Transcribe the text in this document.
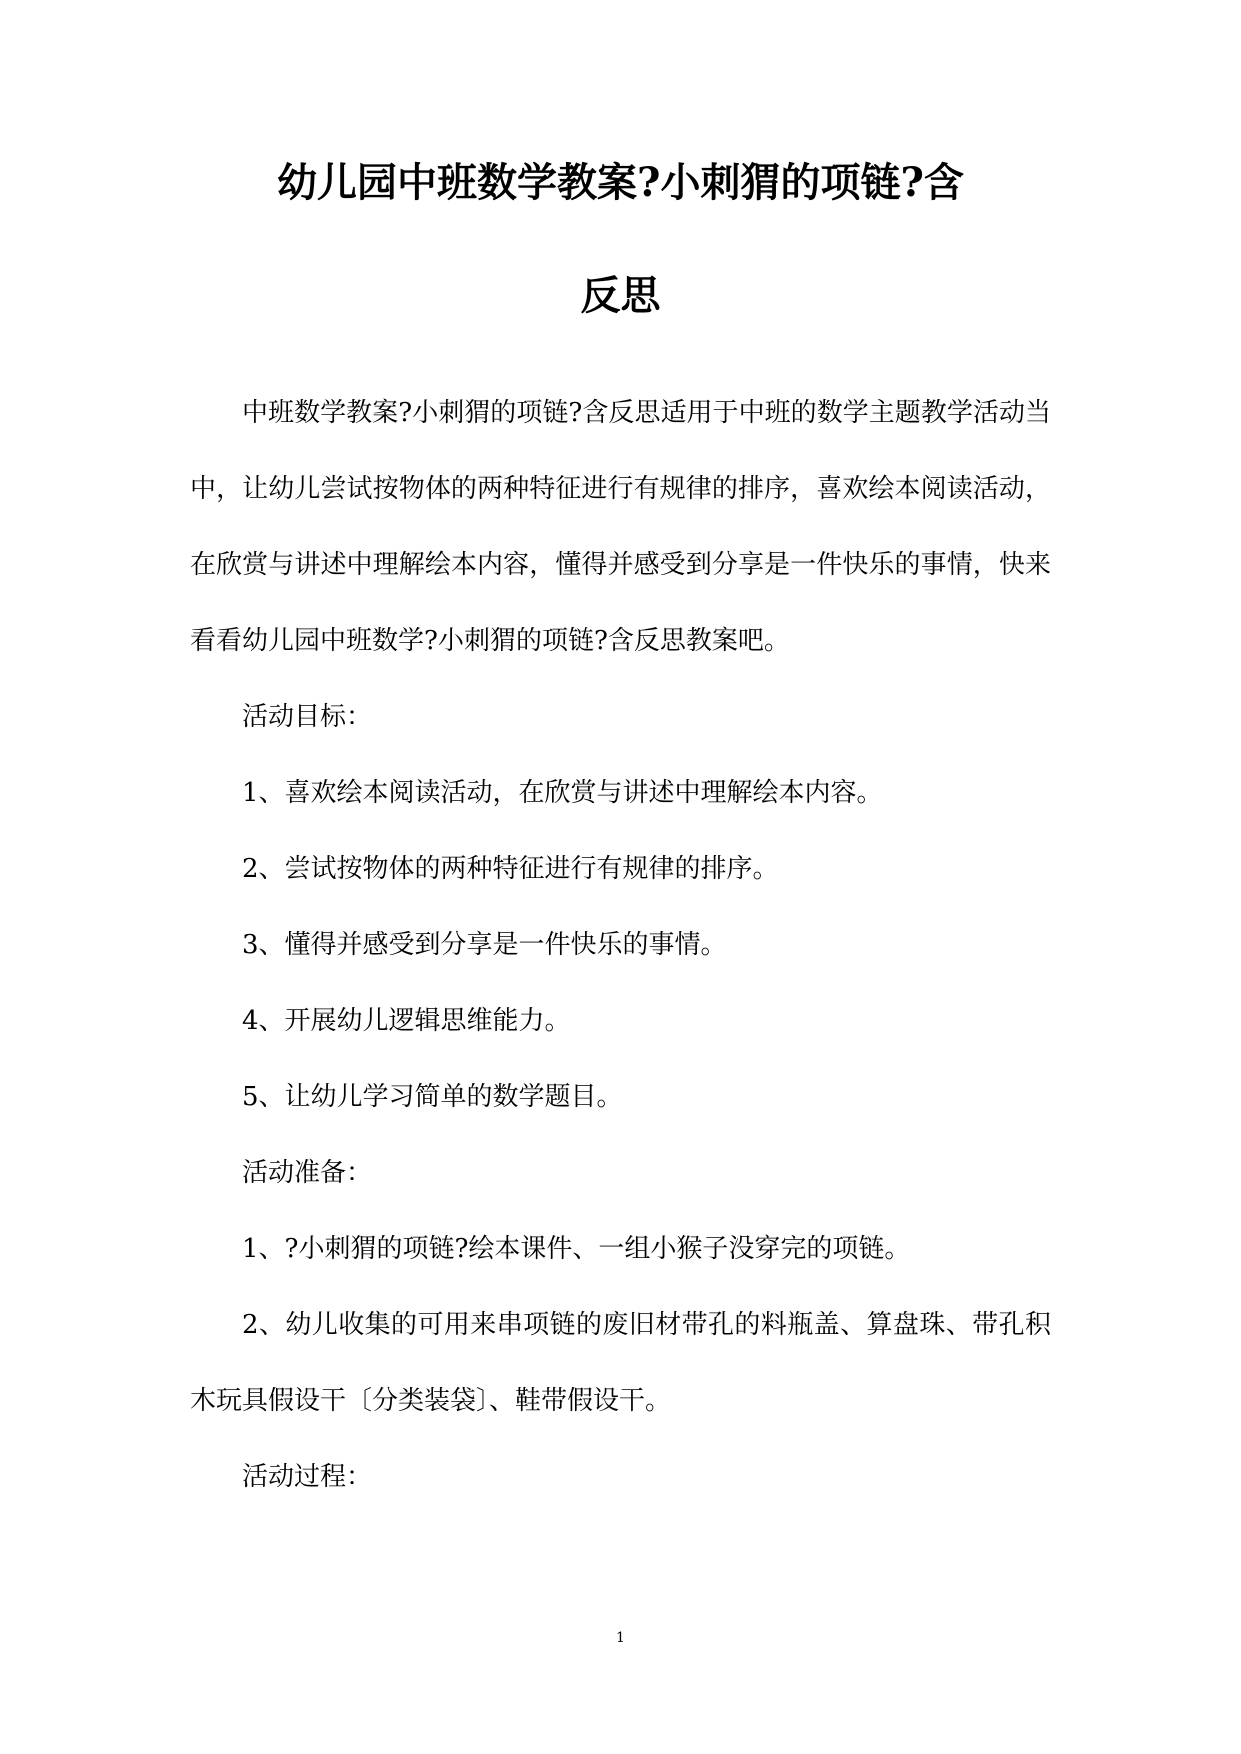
幼儿园中班数学教案?小刺猬的项链?含
反思

中班数学教案?小刺猬的项链?含反思适用于中班的数学主题教学活动当中，让幼儿尝试按物体的两种特征进行有规律的排序，喜欢绘本阅读活动，在欣赏与讲述中理解绘本内容，懂得并感受到分享是一件快乐的事情，快来看看幼儿园中班数学?小刺猬的项链?含反思教案吧。

活动目标：

1、喜欢绘本阅读活动，在欣赏与讲述中理解绘本内容。

2、尝试按物体的两种特征进行有规律的排序。

3、懂得并感受到分享是一件快乐的事情。

4、开展幼儿逻辑思维能力。

5、让幼儿学习简单的数学题目。

活动准备：

1、?小刺猬的项链?绘本课件、一组小猴子没穿完的项链。

2、幼儿收集的可用来串项链的废旧材带孔的料瓶盖、算盘珠、带孔积木玩具假设干〔分类装袋〕、鞋带假设干。

活动过程：

1
